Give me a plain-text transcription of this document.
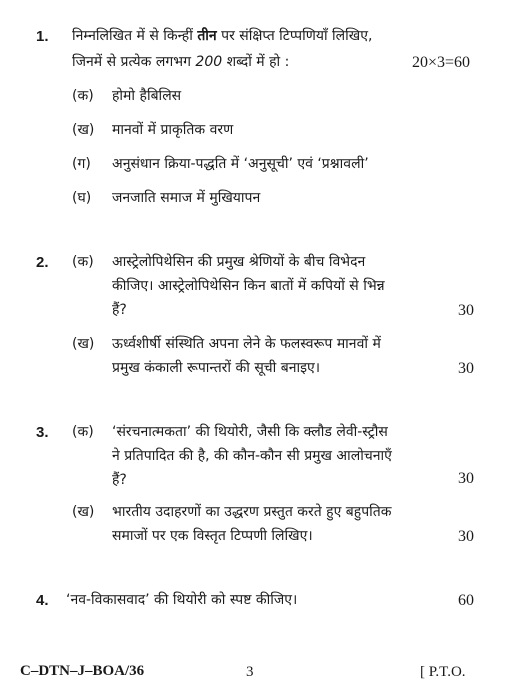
1. निम्नलिखित में से किन्हीं तीन पर संक्षिप्त टिप्पणियाँ लिखिए,
जिनमें से प्रत्येक लगभग 200 शब्दों में हो :	20×3=60
(क) होमो हैबिलिस
(ख) मानवों में प्राकृतिक वरण
(ग) अनुसंधान क्रिया-पद्धति में ‘अनुसूची’ एवं ‘प्रश्नावली’
(घ) जनजाति समाज में मुखियापन
2. (क) आस्ट्रेलोपिथेसिन की प्रमुख श्रेणियों के बीच विभेदन
कीजिए। आस्ट्रेलोपिथेसिन किन बातों में कपियों से भिन्न
हैं?	30
(ख) ऊर्ध्वशीर्षी संस्थिति अपना लेने के फलस्वरूप मानवों में
प्रमुख कंकाली रूपान्तरों की सूची बनाइए।	30
3. (क) ‘संरचनात्मकता’ की थियोरी, जैसी कि क्लौड लेवी-स्ट्रौस
ने प्रतिपादित की है, की कौन-कौन सी प्रमुख आलोचनाएँ
हैं?	30
(ख) भारतीय उदाहरणों का उद्धरण प्रस्तुत करते हुए बहुपतिक
समाजों पर एक विस्तृत टिप्पणी लिखिए।	30
4. ‘नव-विकासवाद’ की थियोरी को स्पष्ट कीजिए।	60
C–DTN–J–BOA/36	3	[ P.T.O.
